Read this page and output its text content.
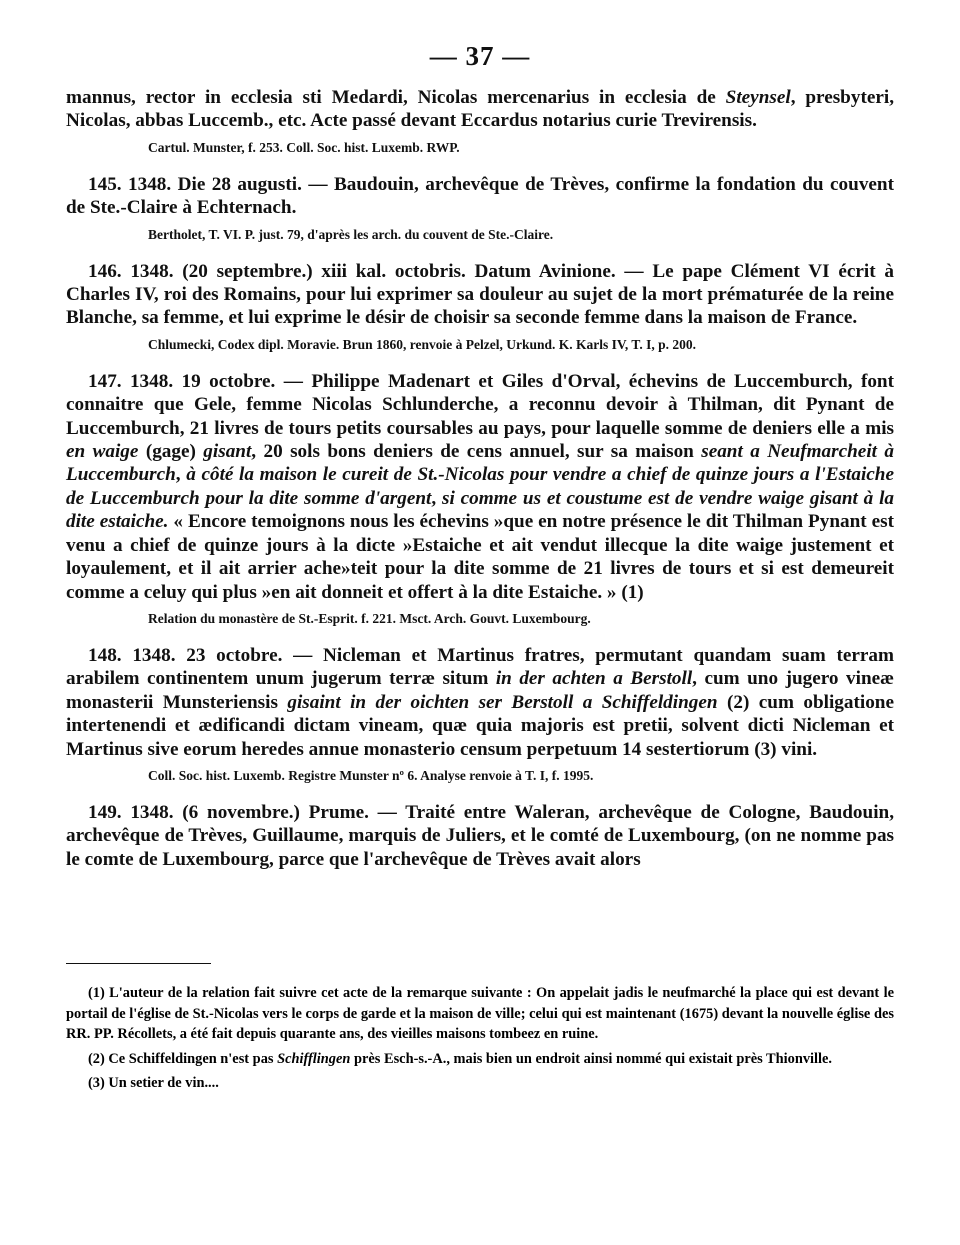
— 37 —

mannus, rector in ecclesia sti Medardi, Nicolas mercenarius in ecclesia de Steynsel, presbyteri, Nicolas, abbas Luccemb., etc. Acte passé devant Eccardus notarius curie Trevirensis.

Cartul. Munster, f. 253. Coll. Soc. hist. Luxemb. RWP.

145. 1348. Die 28 augusti. — Baudouin, archevêque de Trèves, confirme la fondation du couvent de Ste.-Claire à Echternach.

Bertholet, T. VI. P. just. 79, d'après les arch. du couvent de Ste.-Claire.

146. 1348. (20 septembre.) xiii kal. octobris. Datum Avinione. — Le pape Clément VI écrit à Charles IV, roi des Romains, pour lui exprimer sa douleur au sujet de la mort prématurée de la reine Blanche, sa femme, et lui exprime le désir de choisir sa seconde femme dans la maison de France.

Chlumecki, Codex dipl. Moravie. Brun 1860, renvoie à Pelzel, Urkund. K. Karls IV, T. I, p. 200.

147. 1348. 19 octobre. — Philippe Madenart et Giles d'Orval, échevins de Luccemburch, font connaitre que Gele, femme Nicolas Schlunderche, a reconnu devoir à Thilman, dit Pynant de Luccemburch, 21 livres de tours petits coursables au pays, pour laquelle somme de deniers elle a mis en waige (gage) gisant, 20 sols bons deniers de cens annuel, sur sa maison seant a Neufmarcheit à Luccemburch, à côté la maison le cureit de St.-Nicolas pour vendre a chief de quinze jours a l'Estaiche de Luccemburch pour la dite somme d'argent, si comme us et coustume est de vendre waige gisant à la dite estaiche. « Encore temoignons nous les échevins »que en notre présence le dit Thilman Pynant est venu a chief de quinze jours à la dicte »Estaiche et ait vendut illecque la dite waige justement et loyaulement, et il ait arrier ache»teit pour la dite somme de 21 livres de tours et si est demeureit comme a celuy qui plus »en ait donneit et offert à la dite Estaiche. » (1)

Relation du monastère de St.-Esprit. f. 221. Msct. Arch. Gouvt. Luxembourg.

148. 1348. 23 octobre. — Nicleman et Martinus fratres, permutant quandam suam terram arabilem continentem unum jugerum terræ situm in der achten a Berstoll, cum uno jugero vineæ monasterii Munsteriensis gisaint in der oichten ser Berstoll a Schiffeldingen (2) cum obligatione intertenendi et ædificandi dictam vineam, quæ quia majoris est pretii, solvent dicti Nicleman et Martinus sive eorum heredes annue monasterio censum perpetuum 14 sestertiorum (3) vini.

Coll. Soc. hist. Luxemb. Registre Munster nº 6. Analyse renvoie à T. I, f. 1995.

149. 1348. (6 novembre.) Prume. — Traité entre Waleran, archevêque de Cologne, Baudouin, archevêque de Trèves, Guillaume, marquis de Juliers, et le comté de Luxembourg, (on ne nomme pas le comte de Luxembourg, parce que l'archevêque de Trèves avait alors

(1) L'auteur de la relation fait suivre cet acte de la remarque suivante : On appelait jadis le neufmarché la place qui est devant le portail de l'église de St.-Nicolas vers le corps de garde et la maison de ville; celui qui est maintenant (1675) devant la nouvelle église des RR. PP. Récollets, a été fait depuis quarante ans, des vieilles maisons tombeez en ruine.

(2) Ce Schiffeldingen n'est pas Schifflingen près Esch-s.-A., mais bien un endroit ainsi nommé qui existait près Thionville.

(3) Un setier de vin....
